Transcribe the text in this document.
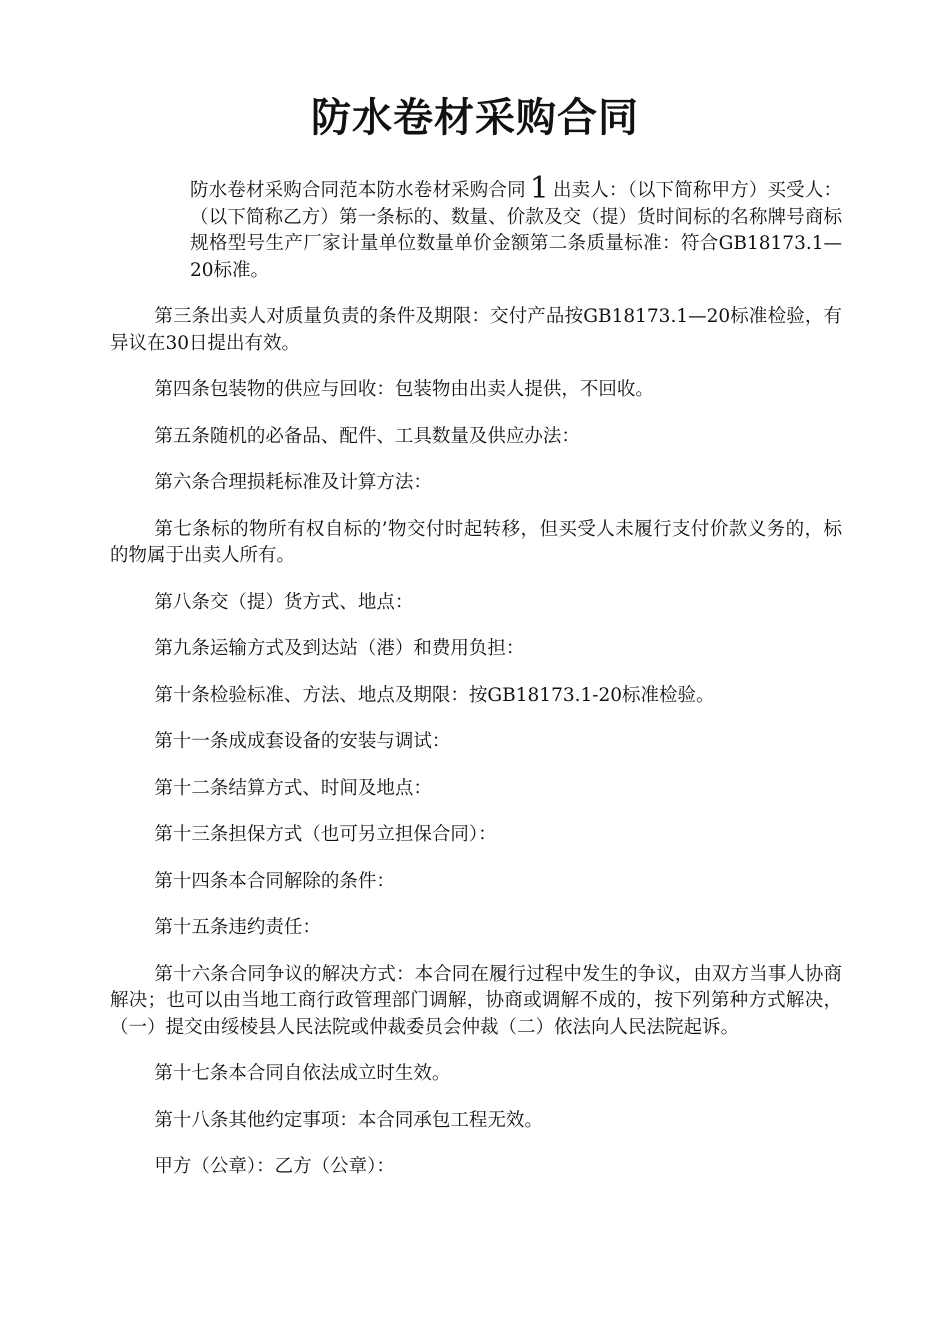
防水卷材采购合同

防水卷材采购合同范本防水卷材采购合同 1 出卖人：（以下简称甲方）买受人：（以下简称乙方）第一条标的、数量、价款及交（提）货时间标的名称牌号商标规格型号生产厂家计量单位数量单价金额第二条质量标准：符合GB18173.1—20标准。

第三条出卖人对质量负责的条件及期限：交付产品按GB18173.1—20标准检验，有异议在30日提出有效。

第四条包装物的供应与回收：包装物由出卖人提供，不回收。

第五条随机的必备品、配件、工具数量及供应办法：

第六条合理损耗标准及计算方法：

第七条标的物所有权自标的’物交付时起转移，但买受人未履行支付价款义务的，标的物属于出卖人所有。

第八条交（提）货方式、地点：

第九条运输方式及到达站（港）和费用负担：

第十条检验标准、方法、地点及期限：按GB18173.1-20标准检验。

第十一条成成套设备的安装与调试：

第十二条结算方式、时间及地点：

第十三条担保方式（也可另立担保合同）：

第十四条本合同解除的条件：

第十五条违约责任：

第十六条合同争议的解决方式：本合同在履行过程中发生的争议，由双方当事人协商解决；也可以由当地工商行政管理部门调解，协商或调解不成的，按下列第种方式解决，（一）提交由绥棱县人民法院或仲裁委员会仲裁（二）依法向人民法院起诉。

第十七条本合同自依法成立时生效。

第十八条其他约定事项：本合同承包工程无效。

甲方（公章）：乙方（公章）：
